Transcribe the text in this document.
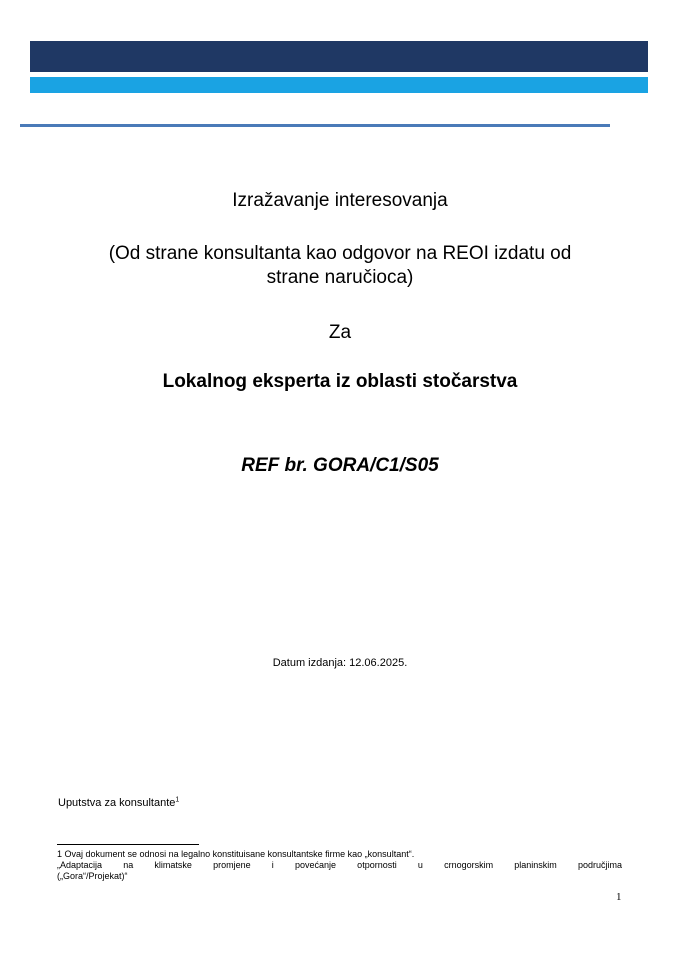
Izražavanje interesovanja
(Od strane konsultanta kao odgovor na REOI izdatu od
strane naručioca)
Za
Lokalnog eksperta iz oblasti stočarstva
REF br. GORA/C1/S05
Datum izdanja: 12.06.2025.
Uputstva za konsultante$^1$

1 Ovaj dokument se odnosi na legalno konstituisane konsultantske firme kao „konsultant“.

„Adaptacija na klimatske promjene i povećanje otpornosti u crnogorskim planinskim područjima

(„Gora“/Projekat)“

1
